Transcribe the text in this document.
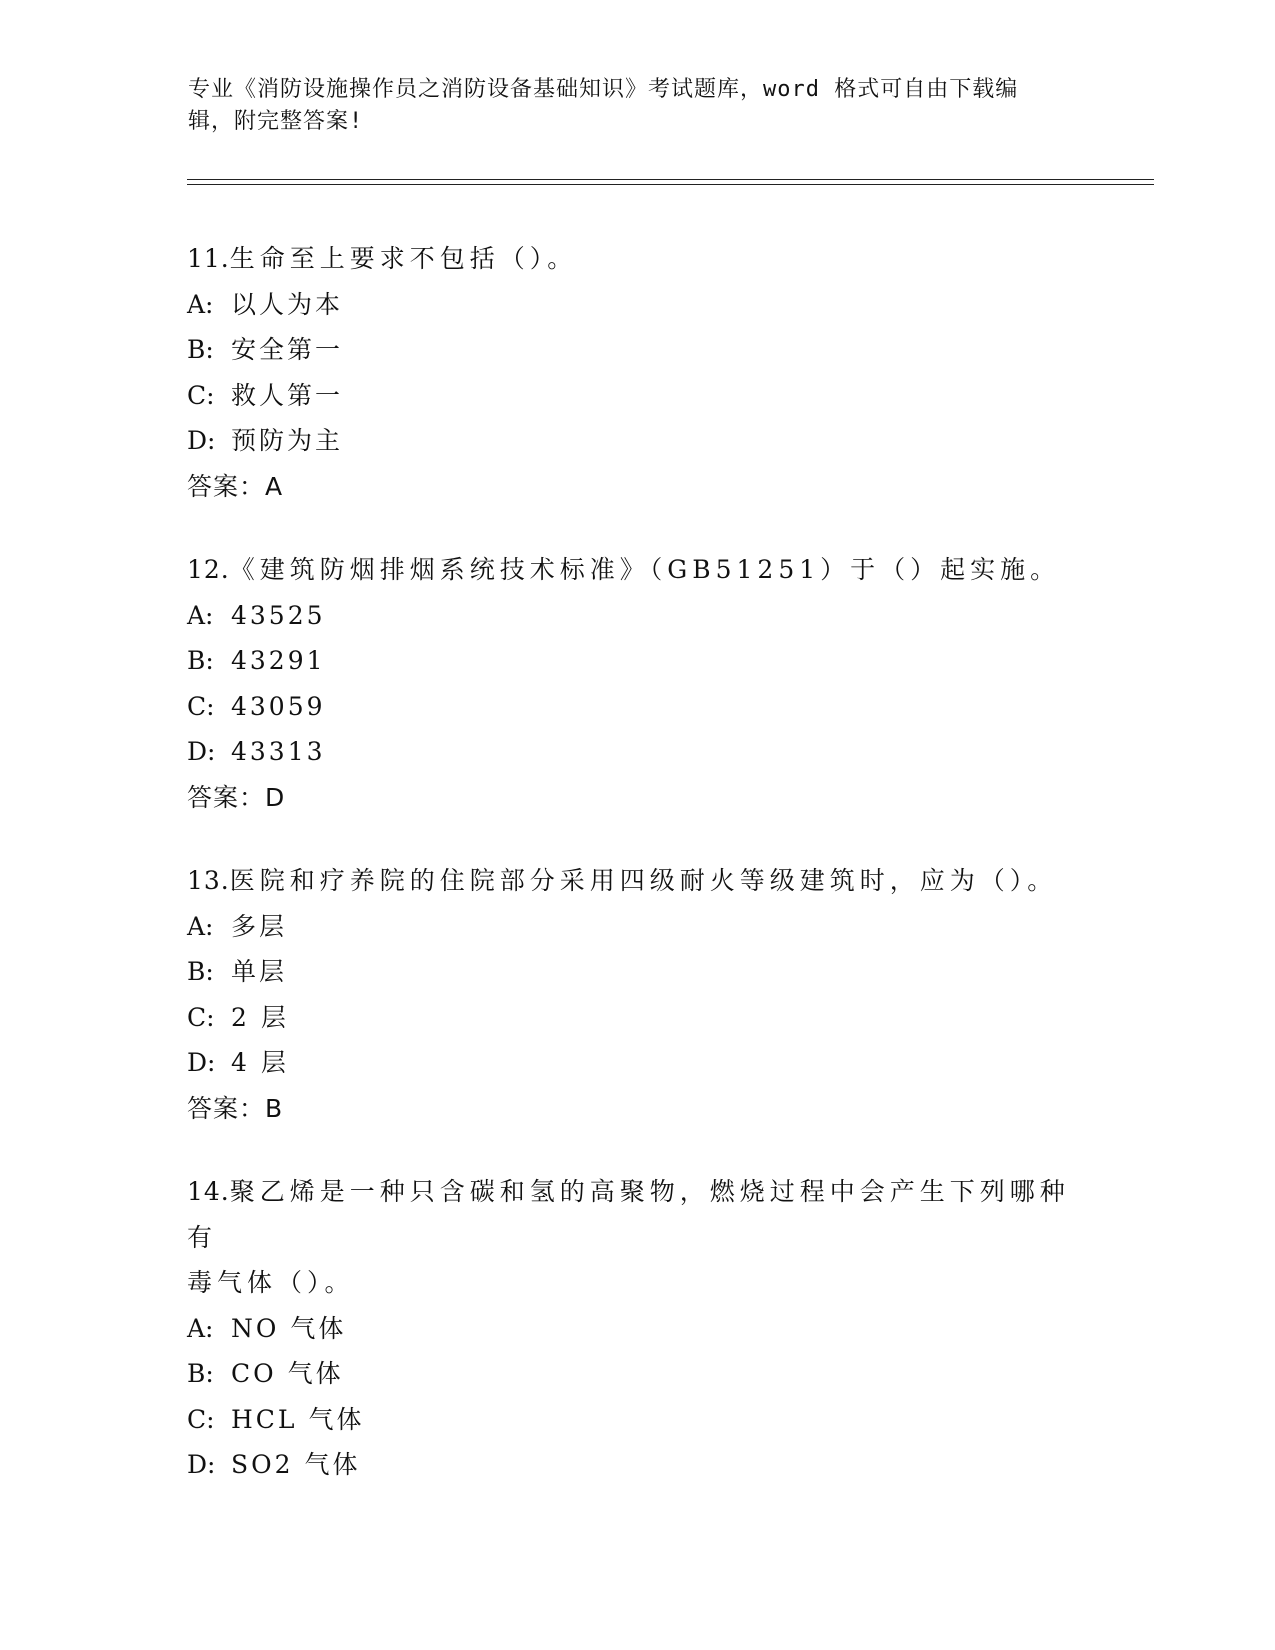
专业《消防设施操作员之消防设备基础知识》考试题库，word 格式可自由下载编
辑，附完整答案!
11.生命至上要求不包括（）。
A: 以人为本
B: 安全第一
C: 救人第一
D: 预防为主
答案：A
12.《建筑防烟排烟系统技术标准》（GB51251）于（）起实施。
A: 43525
B: 43291
C: 43059
D: 43313
答案：D
13.医院和疗养院的住院部分采用四级耐火等级建筑时，应为（）。
A: 多层
B: 单层
C: 2 层
D: 4 层
答案：B
14.聚乙烯是一种只含碳和氢的高聚物，燃烧过程中会产生下列哪种有
毒气体（）。
A: NO 气体
B: CO 气体
C: HCL 气体
D: SO2 气体
